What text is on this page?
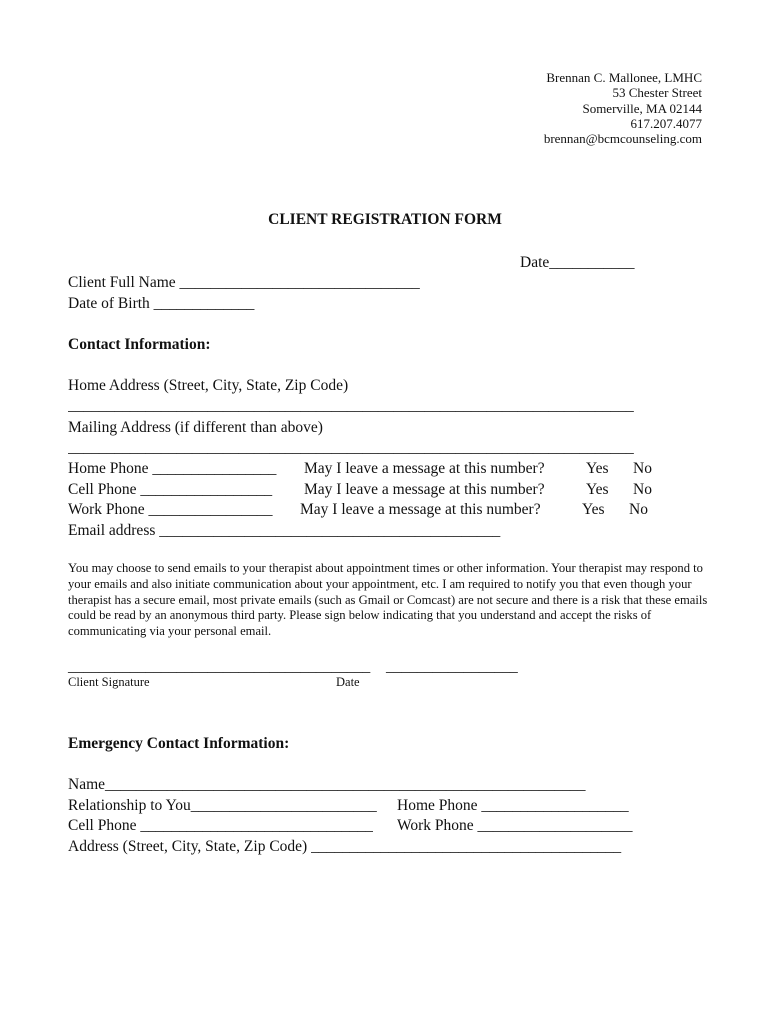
Brennan C. Mallonee, LMHC
53 Chester Street
Somerville, MA 02144
617.207.4077
brennan@bcmcounseling.com
CLIENT REGISTRATION FORM
Date___________
Client Full Name _______________________________
Date of Birth _____________
Contact Information:
Home Address (Street, City, State, Zip Code)
_________________________________________________________________________
Mailing Address (if different than above)
_________________________________________________________________________
Home Phone ________________ May I leave a message at this number?	Yes No
Cell Phone _________________ May I leave a message at this number?	Yes No
Work Phone ________________ May I leave a message at this number?	Yes No
Email address ____________________________________________
You may choose to send emails to your therapist about appointment times or other information. Your therapist may respond to your emails and also initiate communication about your appointment, etc. I am required to notify you that even though your therapist has a secure email, most private emails (such as Gmail or Comcast) are not secure and there is a risk that these emails could be read by an anonymous third party. Please sign below indicating that you understand and accept the risks of communicating via your personal email.
_______________________________________ _________________
Client Signature	Date
Emergency Contact Information:
Name______________________________________________________________
Relationship to You________________________ Home Phone ___________________
Cell Phone ______________________________ Work Phone ____________________
Address (Street, City, State, Zip Code) ________________________________________
